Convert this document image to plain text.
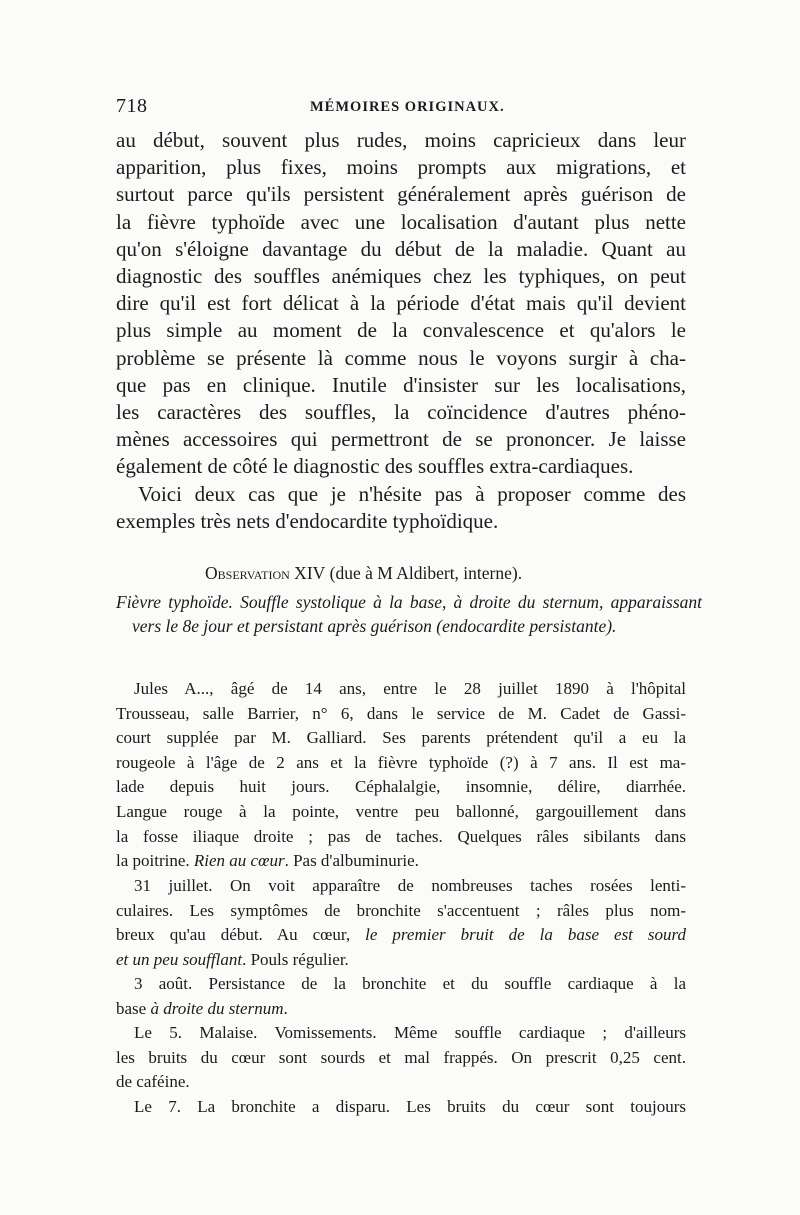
718	MÉMOIRES ORIGINAUX.
au début, souvent plus rudes, moins capricieux dans leur
apparition, plus fixes, moins prompts aux migrations, et
surtout parce qu'ils persistent généralement après guérison de
la fièvre typhoïde avec une localisation d'autant plus nette
qu'on s'éloigne davantage du début de la maladie. Quant au
diagnostic des souffles anémiques chez les typhiques, on peut
dire qu'il est fort délicat à la période d'état mais qu'il devient
plus simple au moment de la convalescence et qu'alors le
problème se présente là comme nous le voyons surgir à cha-
que pas en clinique. Inutile d'insister sur les localisations,
les caractères des souffles, la coïncidence d'autres phéno-
mènes accessoires qui permettront de se prononcer. Je laisse
également de côté le diagnostic des souffles extra-cardiaques.
Voici deux cas que je n'hésite pas à proposer comme des
exemples très nets d'endocardite typhoïdique.

Observation XIV (due à M Aldibert, interne).

Fièvre typhoïde. Souffle systolique à la base, à droite du sternum, apparaissant vers le 8e jour et persistant après guérison (endocardite persistante).

Jules A..., âgé de 14 ans, entre le 28 juillet 1890 à l'hôpital
Trousseau, salle Barrier, n° 6, dans le service de M. Cadet de Gassi-
court supplée par M. Galliard. Ses parents prétendent qu'il a eu la
rougeole à l'âge de 2 ans et la fièvre typhoïde (?) à 7 ans. Il est ma-
lade depuis huit jours. Céphalalgie, insomnie, délire, diarrhée.
Langue rouge à la pointe, ventre peu ballonné, gargouillement dans
la fosse iliaque droite ; pas de taches. Quelques râles sibilants dans
la poitrine. Rien au cœur. Pas d'albuminurie.
31 juillet. On voit apparaître de nombreuses taches rosées lenti-
culaires. Les symptômes de bronchite s'accentuent ; râles plus nom-
breux qu'au début. Au cœur, le premier bruit de la base est sourd
et un peu soufflant. Pouls régulier.
3 août. Persistance de la bronchite et du souffle cardiaque à la
base à droite du sternum.
Le 5. Malaise. Vomissements. Même souffle cardiaque ; d'ailleurs
les bruits du cœur sont sourds et mal frappés. On prescrit 0,25 cent.
de caféine.
Le 7. La bronchite a disparu. Les bruits du cœur sont toujours
